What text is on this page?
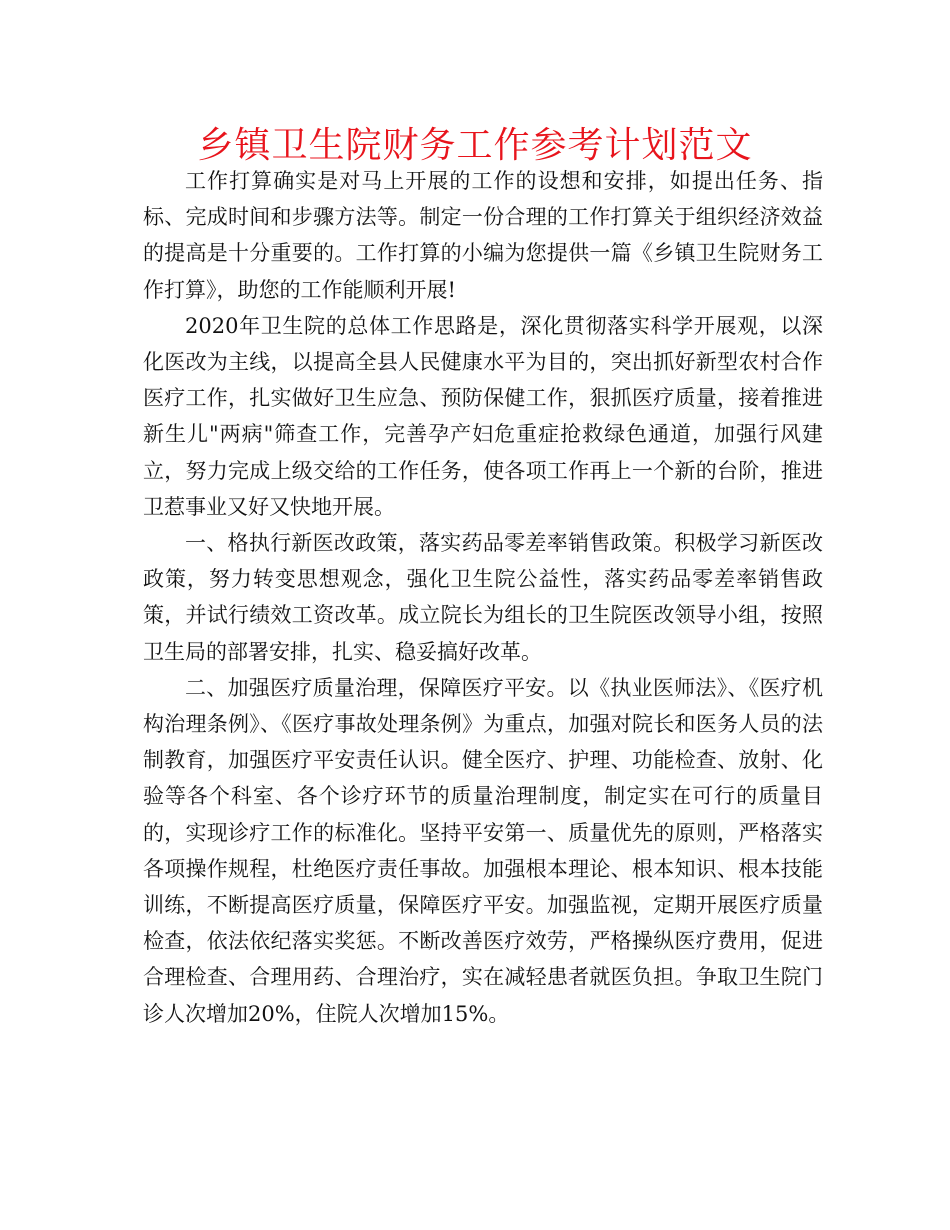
乡镇卫生院财务工作参考计划范文

工作打算确实是对马上开展的工作的设想和安排，如提出任务、指标、完成时间和步骤方法等。制定一份合理的工作打算关于组织经济效益的提高是十分重要的。工作打算的小编为您提供一篇《乡镇卫生院财务工作打算》，助您的工作能顺利开展!

2020年卫生院的总体工作思路是，深化贯彻落实科学开展观，以深化医改为主线，以提高全县人民健康水平为目的，突出抓好新型农村合作医疗工作，扎实做好卫生应急、预防保健工作，狠抓医疗质量，接着推进新生儿"两病"筛查工作，完善孕产妇危重症抢救绿色通道，加强行风建立，努力完成上级交给的工作任务，使各项工作再上一个新的台阶，推进卫惹事业又好又快地开展。

一、格执行新医改政策，落实药品零差率销售政策。积极学习新医改政策，努力转变思想观念，强化卫生院公益性，落实药品零差率销售政策，并试行绩效工资改革。成立院长为组长的卫生院医改领导小组，按照卫生局的部署安排，扎实、稳妥搞好改革。

二、加强医疗质量治理，保障医疗平安。以《执业医师法》、《医疗机构治理条例》、《医疗事故处理条例》为重点，加强对院长和医务人员的法制教育，加强医疗平安责任认识。健全医疗、护理、功能检查、放射、化验等各个科室、各个诊疗环节的质量治理制度，制定实在可行的质量目的，实现诊疗工作的标准化。坚持平安第一、质量优先的原则，严格落实各项操作规程，杜绝医疗责任事故。加强根本理论、根本知识、根本技能训练，不断提高医疗质量，保障医疗平安。加强监视，定期开展医疗质量检查，依法依纪落实奖惩。不断改善医疗效劳，严格操纵医疗费用，促进合理检查、合理用药、合理治疗，实在减轻患者就医负担。争取卫生院门诊人次增加20%，住院人次增加15%。
